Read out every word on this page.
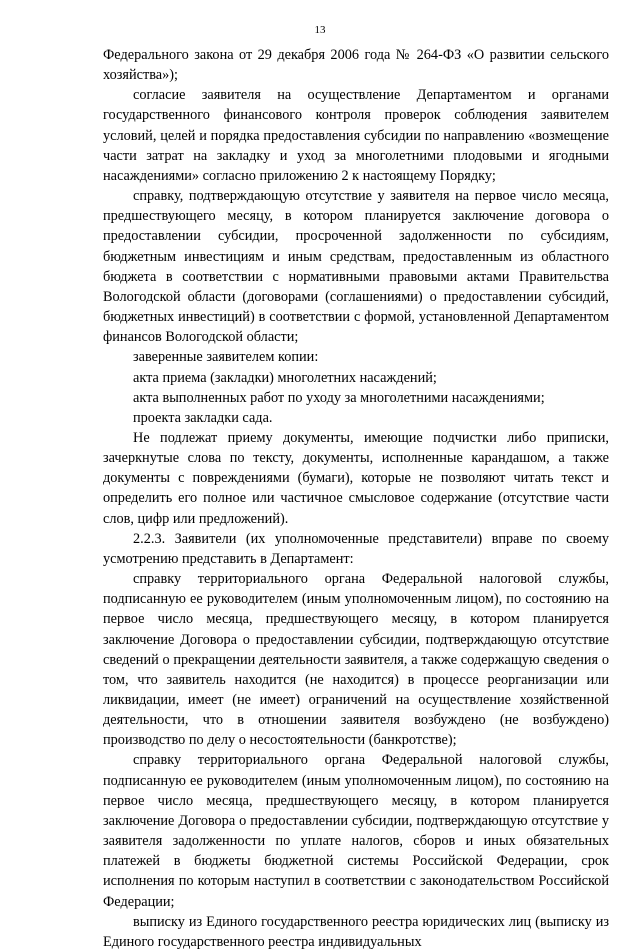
13

Федерального закона от 29 декабря 2006 года № 264-ФЗ «О развитии сельского хозяйства»);

согласие заявителя на осуществление Департаментом и органами государственного финансового контроля проверок соблюдения заявителем условий, целей и порядка предоставления субсидии по направлению «возмещение части затрат на закладку и уход за многолетними плодовыми и ягодными насаждениями» согласно приложению 2 к настоящему Порядку;

справку, подтверждающую отсутствие у заявителя на первое число месяца, предшествующего месяцу, в котором планируется заключение договора о предоставлении субсидии, просроченной задолженности по субсидиям, бюджетным инвестициям и иным средствам, предоставленным из областного бюджета в соответствии с нормативными правовыми актами Правительства Вологодской области (договорами (соглашениями) о предоставлении субсидий, бюджетных инвестиций) в соответствии с формой, установленной Департаментом финансов Вологодской области;

заверенные заявителем копии:

акта приема (закладки) многолетних насаждений;

акта выполненных работ по уходу за многолетними насаждениями;

проекта закладки сада.

Не подлежат приему документы, имеющие подчистки либо приписки, зачеркнутые слова по тексту, документы, исполненные карандашом, а также документы с повреждениями (бумаги), которые не позволяют читать текст и определить его полное или частичное смысловое содержание (отсутствие части слов, цифр или предложений).

2.2.3. Заявители (их уполномоченные представители) вправе по своему усмотрению представить в Департамент:

справку территориального органа Федеральной налоговой службы, подписанную ее руководителем (иным уполномоченным лицом), по состоянию на первое число месяца, предшествующего месяцу, в котором планируется заключение Договора о предоставлении субсидии, подтверждающую отсутствие сведений о прекращении деятельности заявителя, а также содержащую сведения о том, что заявитель находится (не находится) в процессе реорганизации или ликвидации, имеет (не имеет) ограничений на осуществление хозяйственной деятельности, что в отношении заявителя возбуждено (не возбуждено) производство по делу о несостоятельности (банкротстве);

справку территориального органа Федеральной налоговой службы, подписанную ее руководителем (иным уполномоченным лицом), по состоянию на первое число месяца, предшествующего месяцу, в котором планируется заключение Договора о предоставлении субсидии, подтверждающую отсутствие у заявителя задолженности по уплате налогов, сборов и иных обязательных платежей в бюджеты бюджетной системы Российской Федерации, срок исполнения по которым наступил в соответствии с законодательством Российской Федерации;

выписку из Единого государственного реестра юридических лиц (выписку из Единого государственного реестра индивидуальных
